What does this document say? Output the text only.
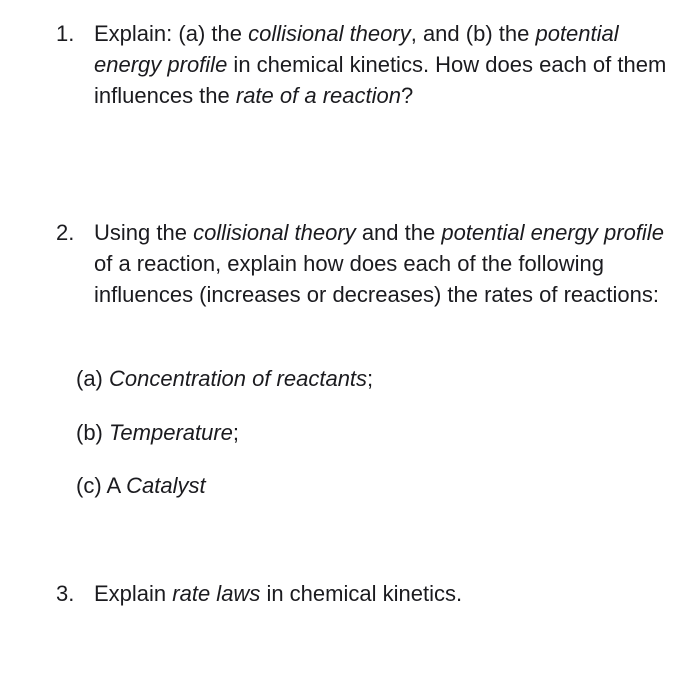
1. Explain: (a) the collisional theory, and (b) the potential energy profile in chemical kinetics. How does each of them influences the rate of a reaction?
2. Using the collisional theory and the potential energy profile of a reaction, explain how does each of the following influences (increases or decreases) the rates of reactions:
(a) Concentration of reactants;
(b) Temperature;
(c) A Catalyst
3. Explain rate laws in chemical kinetics.
